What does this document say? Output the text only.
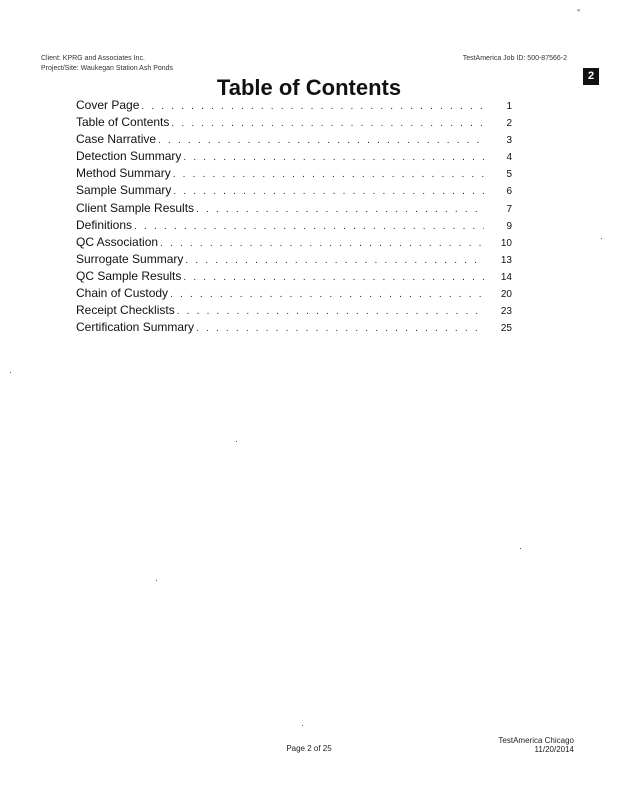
«
Client: KPRG and Associates Inc.
Project/Site: Waukegan Station Ash Ponds
TestAmerica Job ID: 500-87566-2
2
Table of Contents
Cover Page . . .	1
Table of Contents . . .	2
Case Narrative . . .	3
Detection Summary . . .	4
Method Summary . . .	5
Sample Summary . . .	6
Client Sample Results . . .	7
Definitions . . .	9
QC Association . . .	10
Surrogate Summary . . .	13
QC Sample Results . . .	14
Chain of Custody . . .	20
Receipt Checklists . . .	23
Certification Summary . . .	25
Page 2 of 25
TestAmerica Chicago
11/20/2014
